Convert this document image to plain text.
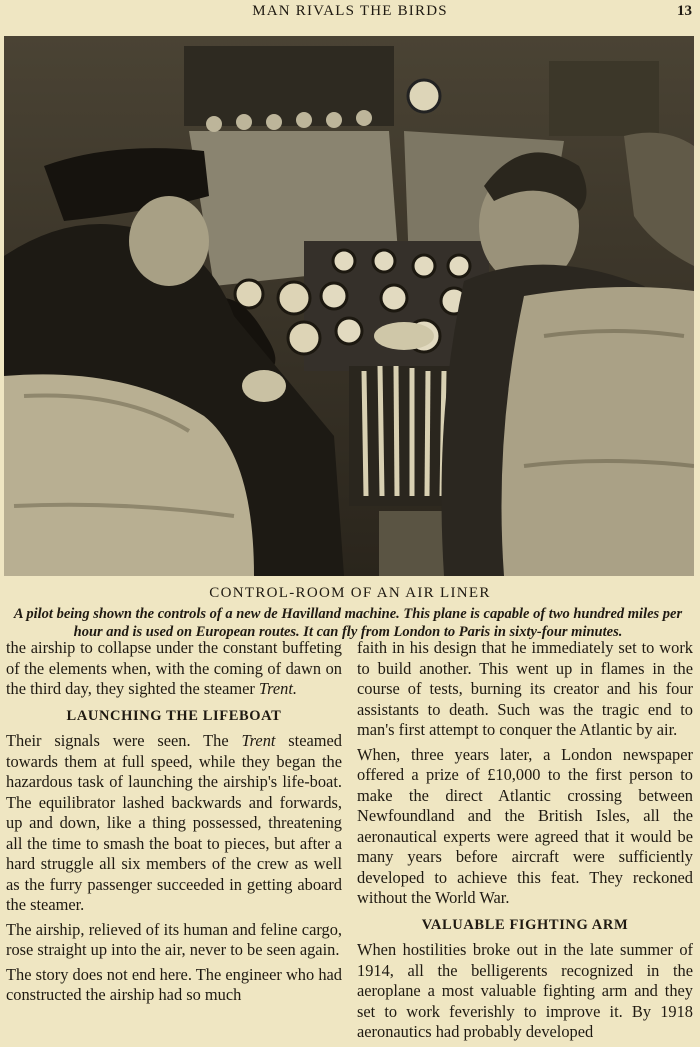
MAN RIVALS THE BIRDS	13
CONTROL-ROOM OF AN AIR LINER
A pilot being shown the controls of a new de Havilland machine. This plane is capable of two hundred miles per hour and is used on European routes. It can fly from London to Paris in sixty-four minutes.

the airship to collapse under the constant buffeting of the elements when, with the coming of dawn on the third day, they sighted the steamer Trent.

LAUNCHING THE LIFEBOAT

Their signals were seen. The Trent steamed towards them at full speed, while they began the hazardous task of launching the airship's life-boat. The equilibrator lashed backwards and forwards, up and down, like a thing possessed, threatening all the time to smash the boat to pieces, but after a hard struggle all six members of the crew as well as the furry passenger succeeded in getting aboard the steamer.

The airship, relieved of its human and feline cargo, rose straight up into the air, never to be seen again.

The story does not end here. The engineer who had constructed the airship had so much

faith in his design that he immediately set to work to build another. This went up in flames in the course of tests, burning its creator and his four assistants to death. Such was the tragic end to man's first attempt to conquer the Atlantic by air.

When, three years later, a London newspaper offered a prize of £10,000 to the first person to make the direct Atlantic crossing between Newfoundland and the British Isles, all the aeronautical experts were agreed that it would be many years before aircraft were sufficiently developed to achieve this feat. They reckoned without the World War.

VALUABLE FIGHTING ARM

When hostilities broke out in the late summer of 1914, all the belligerents recognized in the aeroplane a most valuable fighting arm and they set to work feverishly to improve it. By 1918 aeronautics had probably developed
